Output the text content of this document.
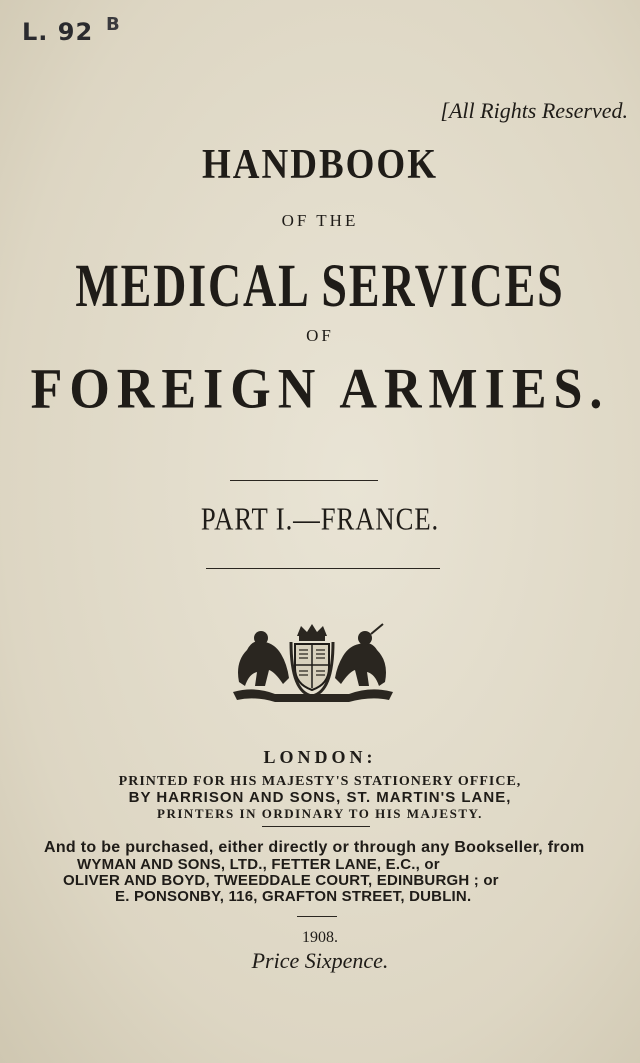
L. 92 B
[All Rights Reserved.
HANDBOOK
OF THE
MEDICAL SERVICES
OF
FOREIGN ARMIES.
PART I.—FRANCE.
LONDON:
PRINTED FOR HIS MAJESTY'S STATIONERY OFFICE,
BY HARRISON AND SONS, ST. MARTIN'S LANE,
PRINTERS IN ORDINARY TO HIS MAJESTY.
And to be purchased, either directly or through any Bookseller, from
WYMAN AND SONS, LTD., FETTER LANE, E.C., or
OLIVER AND BOYD, TWEEDDALE COURT, EDINBURGH ; or
E. PONSONBY, 116, GRAFTON STREET, DUBLIN.
1908.
Price Sixpence.
